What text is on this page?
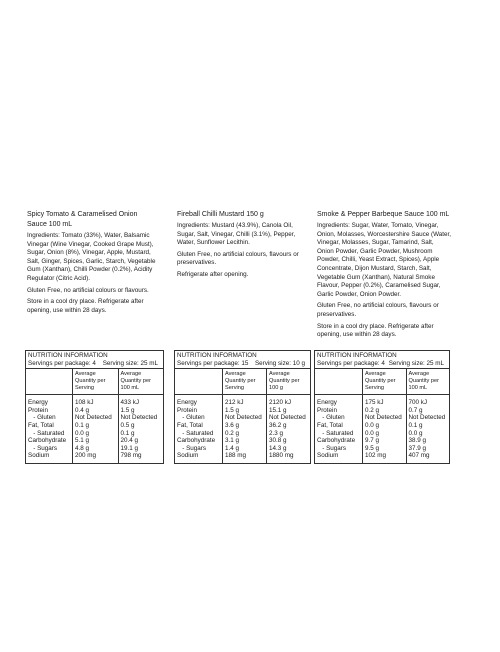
Spicy Tomato & Caramelised Onion

Sauce 100 mL

Ingredients: Tomato (33%), Water, Balsamic Vinegar (Wine Vinegar, Cooked Grape Must), Sugar, Onion (8%), Vinegar, Apple, Mustard, Salt, Ginger, Spices, Garlic, Starch, Vegetable Gum (Xanthan), Chilli Powder (0.2%), Acidity Regulator (Citric Acid).

Gluten Free, no artificial colours or flavours.

Store in a cool dry place. Refrigerate after opening, use within 28 days.

Fireball Chilli Mustard 150 g

Ingredients: Mustard (43.9%), Canola Oil, Sugar, Salt, Vinegar, Chilli (3.1%), Pepper, Water, Sunflower Lecithin.

Gluten Free, no artificial colours, flavours or preservatives.

Refrigerate after opening.

Smoke & Pepper Barbeque Sauce 100 mL

Ingredients: Sugar, Water, Tomato, Vinegar, Onion, Molasses, Worcestershire Sauce (Water, Vinegar, Molasses, Sugar, Tamarind, Salt, Onion Powder, Garlic Powder, Mushroom Powder, Chilli, Yeast Extract, Spices), Apple Concentrate, Dijon Mustard, Starch, Salt, Vegetable Gum (Xanthan), Natural Smoke Flavour, Pepper (0.2%), Caramelised Sugar, Garlic Powder, Onion Powder.

Gluten Free, no artificial colours, flavours or preservatives.

Store in a cool dry place. Refrigerate after opening, use within 28 days.

NUTRITION INFORMATION
Servings per package: 4 Serving size: 25 mL
Average Quantity per Serving
Average Quantity per 100 mL
Energy	108 kJ	433 kJ
Protein	0.4 g	1.5 g
- Gluten	Not Detected	Not Detected
Fat, Total	0.1 g	0.5 g
- Saturated	0.0 g	0.1 g
Carbohydrate	5.1 g	20.4 g
- Sugars	4.8 g	19.1 g
Sodium	200 mg	798 mg
NUTRITION INFORMATION
Servings per package: 15 Serving size: 10 g
Average Quantity per Serving
Average Quantity per 100 g
Energy	212 kJ	2120 kJ
Protein	1.5 g	15.1 g
- Gluten	Not Detected	Not Detected
Fat, Total	3.6 g	36.2 g
- Saturated	0.2 g	2.3 g
Carbohydrate	3.1 g	30.8 g
- Sugars	1.4 g	14.3 g
Sodium	188 mg	1880 mg
NUTRITION INFORMATION
Servings per package: 4 Serving size: 25 mL
Average Quantity per Serving
Average Quantity per 100 mL
Energy	175 kJ	700 kJ
Protein	0.2 g	0.7 g
- Gluten	Not Detected	Not Detected
Fat, Total	0.0 g	0.1 g
- Saturated	0.0 g	0.0 g
Carbohydrate	9.7 g	38.9 g
- Sugars	9.5 g	37.9 g
Sodium	102 mg	407 mg
